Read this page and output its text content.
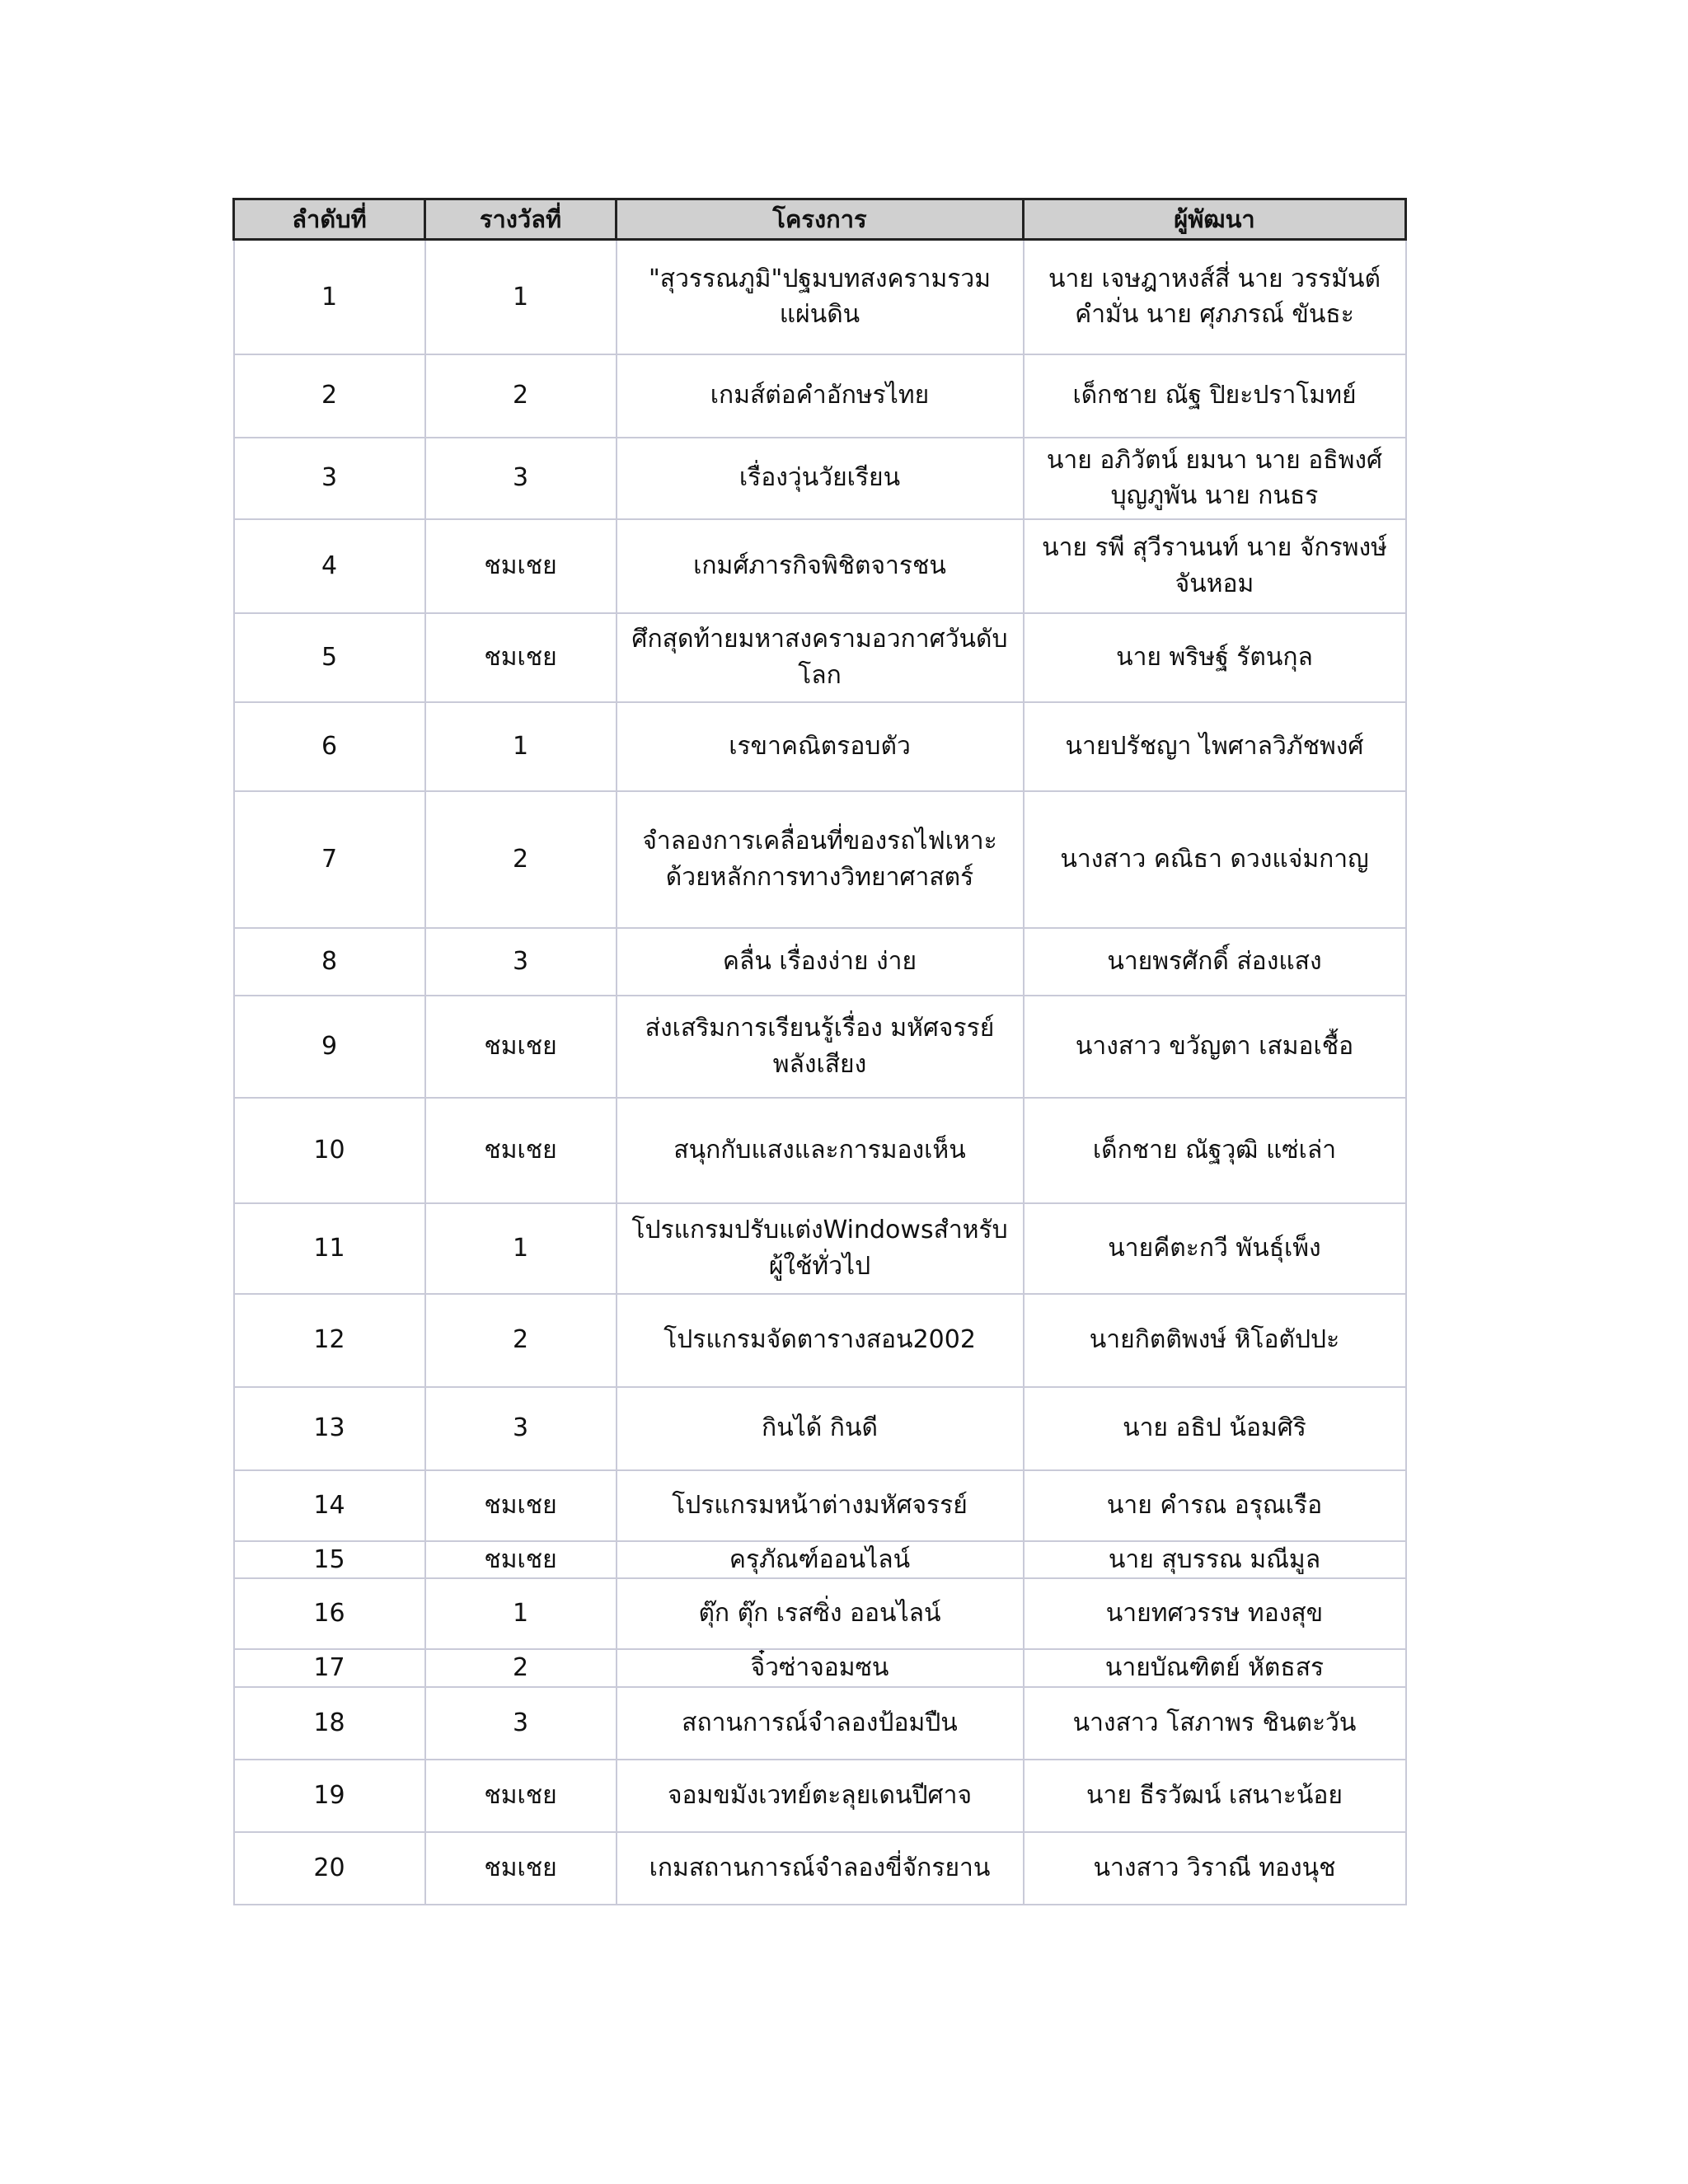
ลำดับที่	รางวัลที่	โครงการ	ผู้พัฒนา

1	1	"สุวรรณภูมิ"ปฐมบทสงครามรวมแผ่นดิน	นาย เจษฎาหงส์สี่ นาย วรรมันต์ คำมั่น นาย ศุภภรณ์ ขันธะ

2	2	เกมส์ต่อคำอักษรไทย	เด็กชาย ณัฐ ปิยะปราโมทย์

3	3	เรื่องวุ่นวัยเรียน	นาย อภิวัตน์ ยมนา นาย อธิพงศ์ บุญภูพัน นาย กนธร

4	ชมเชย	เกมศ์ภารกิจพิชิตจารชน	นาย รพี สุวีรานนท์ นาย จักรพงษ์ จันหอม

5	ชมเชย	ศึกสุดท้ายมหาสงครามอวกาศวันดับโลก	นาย พริษฐ์ รัตนกุล

6	1	เรขาคณิตรอบตัว	นายปรัชญา ไพศาลวิภัชพงศ์

7	2	จำลองการเคลื่อนที่ของรถไฟเหาะด้วยหลักการทางวิทยาศาสตร์	นางสาว คณิธา ดวงแจ่มกาญ

8	3	คลื่น เรื่องง่าย ง่าย	นายพรศักดิ์ ส่องแสง

9	ชมเชย	ส่งเสริมการเรียนรู้เรื่อง มหัศจรรย์พลังเสียง	นางสาว ขวัญตา เสมอเชื้อ

10	ชมเชย	สนุกกับแสงและการมองเห็น	เด็กชาย ณัฐวุฒิ แซ่เล่า

11	1	โปรแกรมปรับแต่งWindowsสำหรับผู้ใช้ทั่วไป	นายคีตะกวี พันธุ์เพ็ง

12	2	โปรแกรมจัดตารางสอน2002	นายกิตติพงษ์ หิโอตัปปะ

13	3	กินได้ กินดี	นาย อธิป น้อมศิริ

14	ชมเชย	โปรแกรมหน้าต่างมหัศจรรย์	นาย คำรณ อรุณเรือ

15	ชมเชย	ครุภัณฑ์ออนไลน์	นาย สุบรรณ มณีมูล

16	1	ตุ๊ก ตุ๊ก เรสซิ่ง ออนไลน์	นายทศวรรษ ทองสุข

17	2	จิ๋วซ่าจอมซน	นายบัณฑิตย์ หัตธสร

18	3	สถานการณ์จำลองป้อมปืน	นางสาว โสภาพร ชินตะวัน

19	ชมเชย	จอมขมังเวทย์ตะลุยเดนปีศาจ	นาย ธีรวัฒน์ เสนาะน้อย

20	ชมเชย	เกมสถานการณ์จำลองขี่จักรยาน	นางสาว วิราณี ทองนุช
